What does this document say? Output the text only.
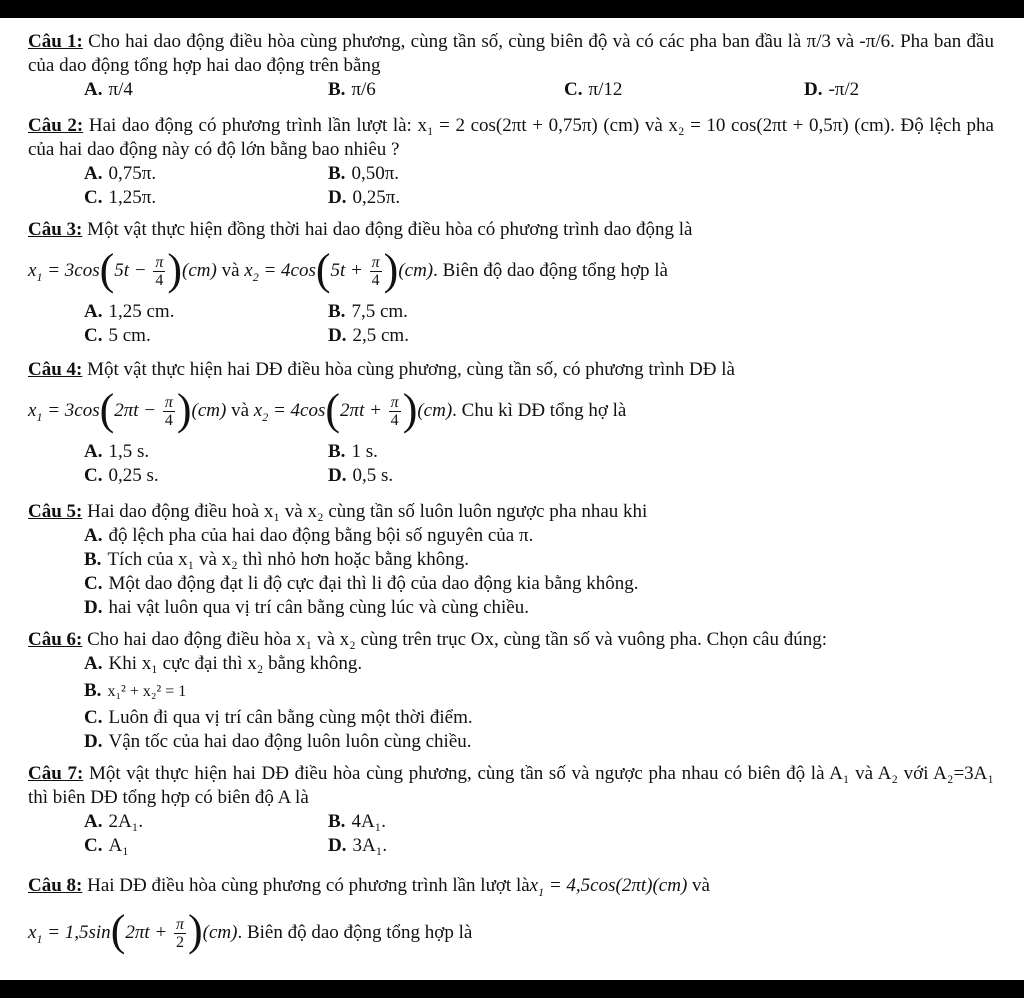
Câu 1: Cho hai dao động điều hòa cùng phương, cùng tần số, cùng biên độ và có các pha ban đầu là π/3 và -π/6. Pha ban đầu của dao động tổng hợp hai dao động trên bằng

A. π/4	B. π/6	C. π/12	D. -π/2

Câu 2: Hai dao động có phương trình lần lượt là: x₁ = 2 cos(2πt + 0,75π) (cm) và x₂ = 10 cos(2πt + 0,5π) (cm). Độ lệch pha của hai dao động này có độ lớn bằng bao nhiêu ?

A. 0,75π.	B. 0,50π.
C. 1,25π.	D. 0,25π.

Câu 3: Một vật thực hiện đồng thời hai dao động điều hòa có phương trình dao động là

$x_1 = 3\cos(5t - \frac{\pi}{4} )(cm)$ và $x_2 = 4\cos(5t + \frac{\pi}{4} )(cm)$. Biên độ dao động tổng hợp là
A. 1,25 cm.	B. 7,5 cm.
C. 5 cm.	D. 2,5 cm.

Câu 4: Một vật thực hiện hai DĐ điều hòa cùng phương, cùng tần số, có phương trình DĐ là

$x_1 = 3\cos(2\pi t - \frac{\pi}{4} )(cm)$ và $x_2 = 4\cos(2\pi t + \frac{\pi}{4} )(cm)$. Chu kì DĐ tổng hợ là
A. 1,5 s.	B. 1 s.
C. 0,25 s.	D. 0,5 s.

Câu 5: Hai dao động điều hoà x₁ và x₂ cùng tần số luôn luôn ngược pha nhau khi

A. độ lệch pha của hai dao động bằng bội số nguyên của π.
B. Tích của x₁ và x₂ thì nhỏ hơn hoặc bằng không.
C. Một dao động đạt li độ cực đại thì li độ của dao động kia bằng không.
D. hai vật luôn qua vị trí cân bằng cùng lúc và cùng chiều.

Câu 6: Cho hai dao động điều hòa x₁ và x₂ cùng trên trục Ox, cùng tần số và vuông pha. Chọn câu đúng:

A. Khi x₁ cực đại thì x₂ bằng không.
B. x₁² + x₂² = 1
C. Luôn đi qua vị trí cân bằng cùng một thời điểm.
D. Vận tốc của hai dao động luôn luôn cùng chiều.

Câu 7: Một vật thực hiện hai DĐ điều hòa cùng phương, cùng tần số và ngược pha nhau có biên độ là A₁ và A₂ với A₂=3A₁ thì biên DĐ tổng hợp có biên độ A là

A. 2A₁.	B. 4A₁.
C. A₁	D. 3A₁.

Câu 8: Hai DĐ điều hòa cùng phương có phương trình lần lượt làx$_1$ = 4,5cos(2πt)(cm) và

$x_1 = 1,5\sin(2\pi t + \frac{\pi}{2} )(cm)$. Biên độ dao động tổng hợp là
